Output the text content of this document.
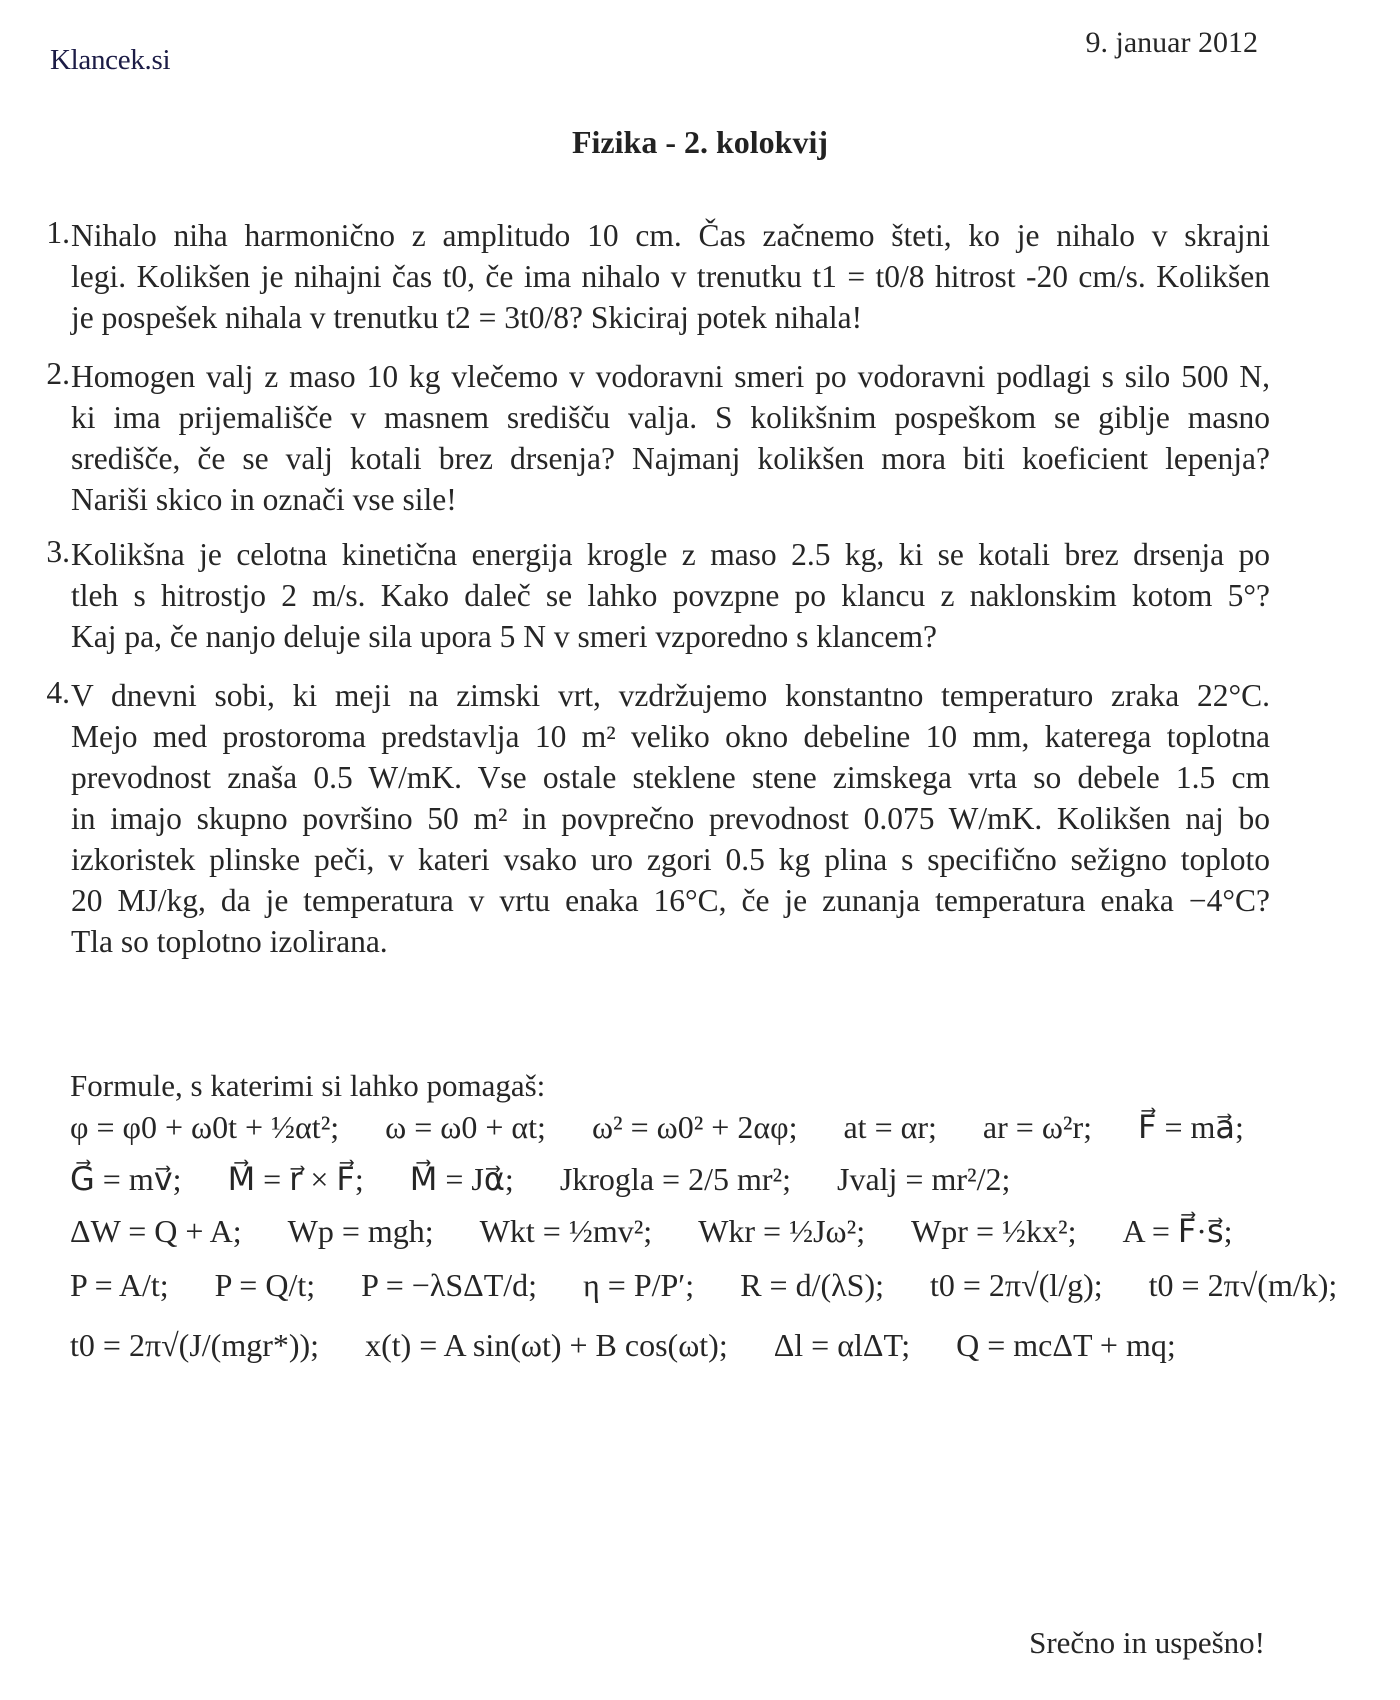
Klancek.si
9. januar 2012
Fizika - 2. kolokvij
1. Nihalo niha harmonično z amplitudo 10 cm. Čas začnemo šteti, ko je nihalo v skrajni
legi. Kolikšen je nihajni čas t0, če ima nihalo v trenutku t1 = t0/8 hitrost -20 cm/s. Kolikšen
je pospešek nihala v trenutku t2 = 3t0/8? Skiciraj potek nihala!
2. Homogen valj z maso 10 kg vlečemo v vodoravni smeri po vodoravni podlagi s silo 500 N,
ki ima prijemališče v masnem središču valja. S kolikšnim pospeškom se giblje masno
središče, če se valj kotali brez drsenja? Najmanj kolikšen mora biti koeficient lepenja?
Nariši skico in označi vse sile!
3. Kolikšna je celotna kinetična energija krogle z maso 2.5 kg, ki se kotali brez drsenja po
tleh s hitrostjo 2 m/s. Kako daleč se lahko povzpne po klancu z naklonskim kotom 5°?
Kaj pa, če nanjo deluje sila upora 5 N v smeri vzporedno s klancem?
4. V dnevni sobi, ki meji na zimski vrt, vzdržujemo konstantno temperaturo zraka 22°C.
Mejo med prostoroma predstavlja 10 m² veliko okno debeline 10 mm, katerega toplotna
prevodnost znaša 0.5 W/mK. Vse ostale steklene stene zimskega vrta so debele 1.5 cm
in imajo skupno površino 50 m² in povprečno prevodnost 0.075 W/mK. Kolikšen naj bo
izkoristek plinske peči, v kateri vsako uro zgori 0.5 kg plina s specifično sežigno toploto
20 MJ/kg, da je temperatura v vrtu enaka 16°C, če je zunanja temperatura enaka −4°C?
Tla so toplotno izolirana.
Formule, s katerimi si lahko pomagaš:
φ = φ0 + ω0t + ½αt²; ω = ω0 + αt; ω² = ω0² + 2αφ; at = αr; ar = ω²r; F⃗ = ma⃗;
G⃗ = mv⃗; M⃗ = r⃗ × F⃗; M⃗ = Jα⃗; Jkrogla = 2/5 mr²; Jvalj = mr²/2;
ΔW = Q + A; Wp = mgh; Wkt = ½mv²; Wkr = ½Jω²; Wpr = ½kx²; A = F⃗·s⃗;
P = A/t; P = Q/t; P = −λSΔT/d; η = P/P′; R = d/(λS); t0 = 2π√(l/g); t0 = 2π√(m/k);
t0 = 2π√(J/(mgr*)); x(t) = A sin(ωt) + B cos(ωt); Δl = αlΔT; Q = mcΔT + mq;
Srečno in uspešno!
